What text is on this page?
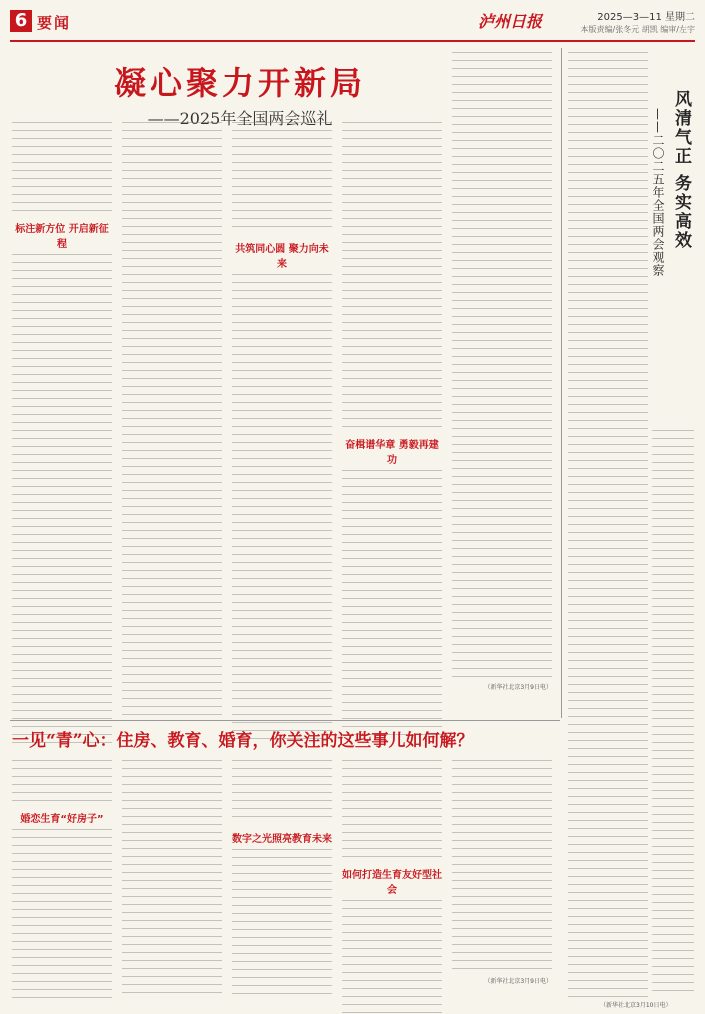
6 要闻	泸州日报	2025—3—11 星期二
本版责编/张冬元 胡凯 编审/左宇
凝心聚力开新局
——2025年全国两会巡礼
标注新方位 开启新征程	共筑同心圆 聚力向未来
奋楫谱华章 勇毅再建功
（新华社北京3月9日电）
风清气正 务实高效
——二〇二五年全国两会观察
（新华社北京3月10日电）
一见“青”心：住房、教育、婚育，你关注的这些事儿如何解？
婚恋生育“好房子”
数字之光照亮教育未来
如何打造生育友好型社会
（新华社北京3月9日电）
